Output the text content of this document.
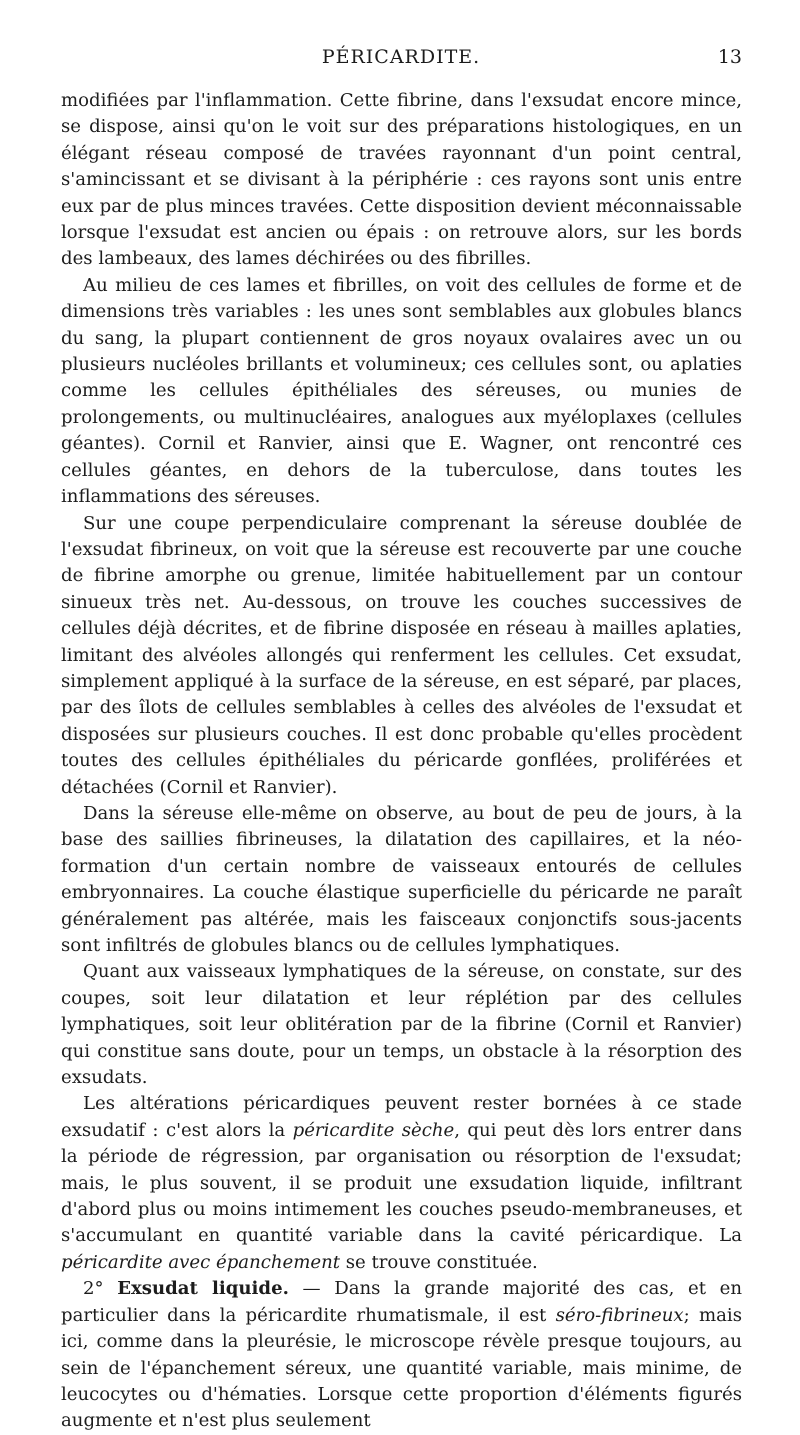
PÉRICARDITE.	13

modifiées par l'inflammation. Cette fibrine, dans l'exsudat encore mince, se dispose, ainsi qu'on le voit sur des préparations histologiques, en un élégant réseau composé de travées rayonnant d'un point central, s'amincissant et se divisant à la périphérie : ces rayons sont unis entre eux par de plus minces travées. Cette disposition devient méconnaissable lorsque l'exsudat est ancien ou épais : on retrouve alors, sur les bords des lambeaux, des lames déchirées ou des fibrilles.

Au milieu de ces lames et fibrilles, on voit des cellules de forme et de dimensions très variables : les unes sont semblables aux globules blancs du sang, la plupart contiennent de gros noyaux ovalaires avec un ou plusieurs nucléoles brillants et volumineux; ces cellules sont, ou aplaties comme les cellules épithéliales des séreuses, ou munies de prolongements, ou multinucléaires, analogues aux myéloplaxes (cellules géantes). Cornil et Ranvier, ainsi que E. Wagner, ont rencontré ces cellules géantes, en dehors de la tuberculose, dans toutes les inflammations des séreuses.

Sur une coupe perpendiculaire comprenant la séreuse doublée de l'exsudat fibrineux, on voit que la séreuse est recouverte par une couche de fibrine amorphe ou grenue, limitée habituellement par un contour sinueux très net. Au-dessous, on trouve les couches successives de cellules déjà décrites, et de fibrine disposée en réseau à mailles aplaties, limitant des alvéoles allongés qui renferment les cellules. Cet exsudat, simplement appliqué à la surface de la séreuse, en est séparé, par places, par des îlots de cellules semblables à celles des alvéoles de l'exsudat et disposées sur plusieurs couches. Il est donc probable qu'elles procèdent toutes des cellules épithéliales du péricarde gonflées, proliférées et détachées (Cornil et Ranvier).

Dans la séreuse elle-même on observe, au bout de peu de jours, à la base des saillies fibrineuses, la dilatation des capillaires, et la néo-formation d'un certain nombre de vaisseaux entourés de cellules embryonnaires. La couche élastique superficielle du péricarde ne paraît généralement pas altérée, mais les faisceaux conjonctifs sous-jacents sont infiltrés de globules blancs ou de cellules lymphatiques.

Quant aux vaisseaux lymphatiques de la séreuse, on constate, sur des coupes, soit leur dilatation et leur réplétion par des cellules lymphatiques, soit leur oblitération par de la fibrine (Cornil et Ranvier) qui constitue sans doute, pour un temps, un obstacle à la résorption des exsudats.

Les altérations péricardiques peuvent rester bornées à ce stade exsudatif : c'est alors la péricardite sèche, qui peut dès lors entrer dans la période de régression, par organisation ou résorption de l'exsudat; mais, le plus souvent, il se produit une exsudation liquide, infiltrant d'abord plus ou moins intimement les couches pseudo-membraneuses, et s'accumulant en quantité variable dans la cavité péricardique. La péricardite avec épanchement se trouve constituée.

2° Exsudat liquide. — Dans la grande majorité des cas, et en particulier dans la péricardite rhumatismale, il est séro-fibrineux; mais ici, comme dans la pleurésie, le microscope révèle presque toujours, au sein de l'épanchement séreux, une quantité variable, mais minime, de leucocytes ou d'hématies. Lorsque cette proportion d'éléments figurés augmente et n'est plus seulement
